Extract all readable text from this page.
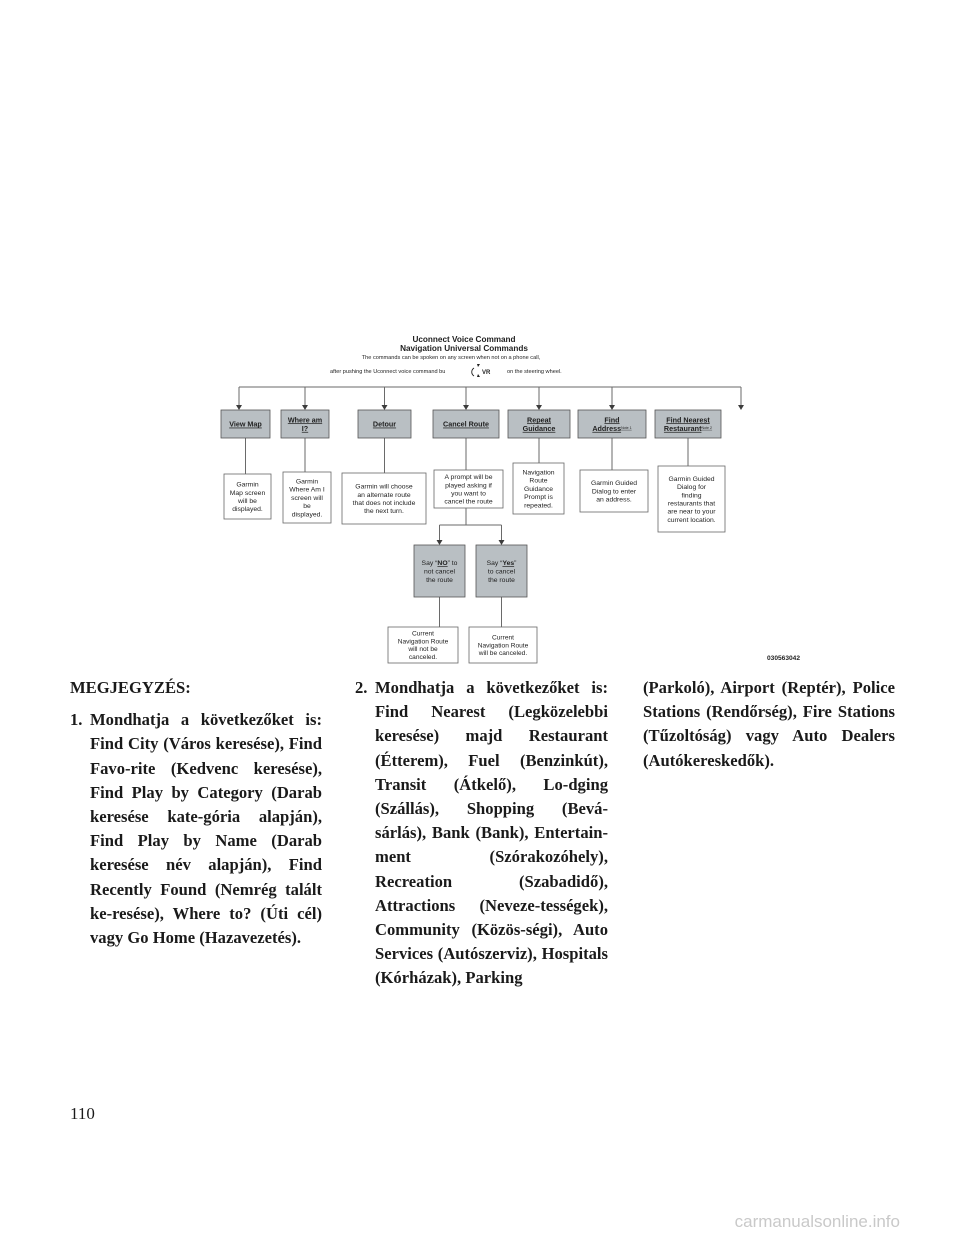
Uconnect Voice Command
Navigation Universal Commands
The commands can be spoken on any screen when not on a phone call,
after pushing the Uconnect voice command bu	VR	on the steering wheel.
View Map
Garmin
Map screen
will be
displayed.
Where am
I?
Garmin
Where Am I
screen will
be
displayed.
Detour
Garmin will choose
an alternate route
that does not include
the next turn.
Cancel Route
A prompt will be
played asking if
you want to
cancel the route
Repeat
Guidance
Navigation
Route
Guidance
Prompt is
repeated.
Find
Address$^{Note 1}$
Garmin Guided
Dialog to enter
an address.
Find Nearest
Restaurant$^{Note 2}$
Garmin Guided
Dialog for
finding
restaurants that
are near to your
current location.
Say “NO” to
not cancel
the route
Current
Navigation Route
will not be
canceled.
Say “Yes”
to cancel
the route
Current
Navigation Route
will be canceled.
030563042
MEGJEGYZÉS:
1. Mondhatja a következőket is: Find City (Város keresése), Find Favo-rite (Kedvenc keresése), Find Play by Category (Darab keresése kate-gória alapján), Find Play by Name (Darab keresése név alapján), Find Recently Found (Nemrég talált ke-resése), Where to? (Úti cél) vagy Go Home (Hazavezetés).
2. Mondhatja a következőket is: Find Nearest (Legközelebbi keresése) majd Restaurant (Étterem), Fuel (Benzinkút), Transit (Átkelő), Lo-dging (Szállás), Shopping (Bevá-sárlás), Bank (Bank), Entertain-ment (Szórakozóhely), Recreation (Szabadidő), Attractions (Neveze-tességek), Community (Közös-ségi), Auto Services (Autószerviz), Hospitals (Kórházak), Parking
(Parkoló), Airport (Reptér), Police Stations (Rendőrség), Fire Stations (Tűzoltóság) vagy Auto Dealers (Autókereskedők).
110
carmanualsonline.info
